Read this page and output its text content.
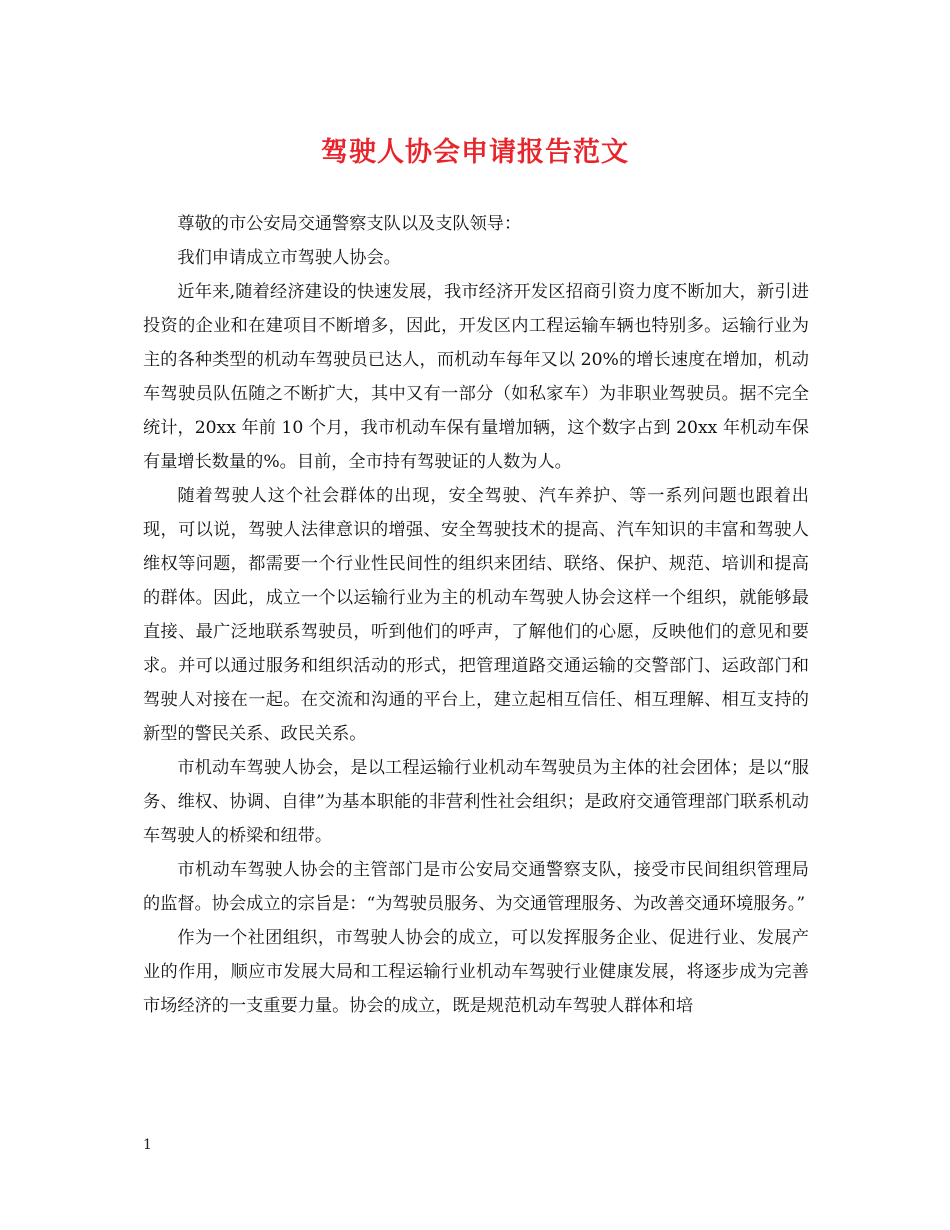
驾驶人协会申请报告范文

尊敬的市公安局交通警察支队以及支队领导：

我们申请成立市驾驶人协会。

近年来,随着经济建设的快速发展，我市经济开发区招商引资力度不断加大，新引进投资的企业和在建项目不断增多，因此，开发区内工程运输车辆也特别多。运输行业为主的各种类型的机动车驾驶员已达人，而机动车每年又以 20%的增长速度在增加，机动车驾驶员队伍随之不断扩大，其中又有一部分（如私家车）为非职业驾驶员。据不完全统计，20xx 年前 10 个月，我市机动车保有量增加辆，这个数字占到 20xx 年机动车保有量增长数量的%。目前，全市持有驾驶证的人数为人。

随着驾驶人这个社会群体的出现，安全驾驶、汽车养护、等一系列问题也跟着出现，可以说，驾驶人法律意识的增强、安全驾驶技术的提高、汽车知识的丰富和驾驶人维权等问题，都需要一个行业性民间性的组织来团结、联络、保护、规范、培训和提高的群体。因此，成立一个以运输行业为主的机动车驾驶人协会这样一个组织，就能够最直接、最广泛地联系驾驶员，听到他们的呼声，了解他们的心愿，反映他们的意见和要求。并可以通过服务和组织活动的形式，把管理道路交通运输的交警部门、运政部门和驾驶人对接在一起。在交流和沟通的平台上，建立起相互信任、相互理解、相互支持的新型的警民关系、政民关系。

市机动车驾驶人协会，是以工程运输行业机动车驾驶员为主体的社会团体；是以“服务、维权、协调、自律”为基本职能的非营利性社会组织；是政府交通管理部门联系机动车驾驶人的桥梁和纽带。

市机动车驾驶人协会的主管部门是市公安局交通警察支队，接受市民间组织管理局的监督。协会成立的宗旨是：“为驾驶员服务、为交通管理服务、为改善交通环境服务。”

作为一个社团组织，市驾驶人协会的成立，可以发挥服务企业、促进行业、发展产业的作用，顺应市发展大局和工程运输行业机动车驾驶行业健康发展，将逐步成为完善市场经济的一支重要力量。协会的成立，既是规范机动车驾驶人群体和培

1
